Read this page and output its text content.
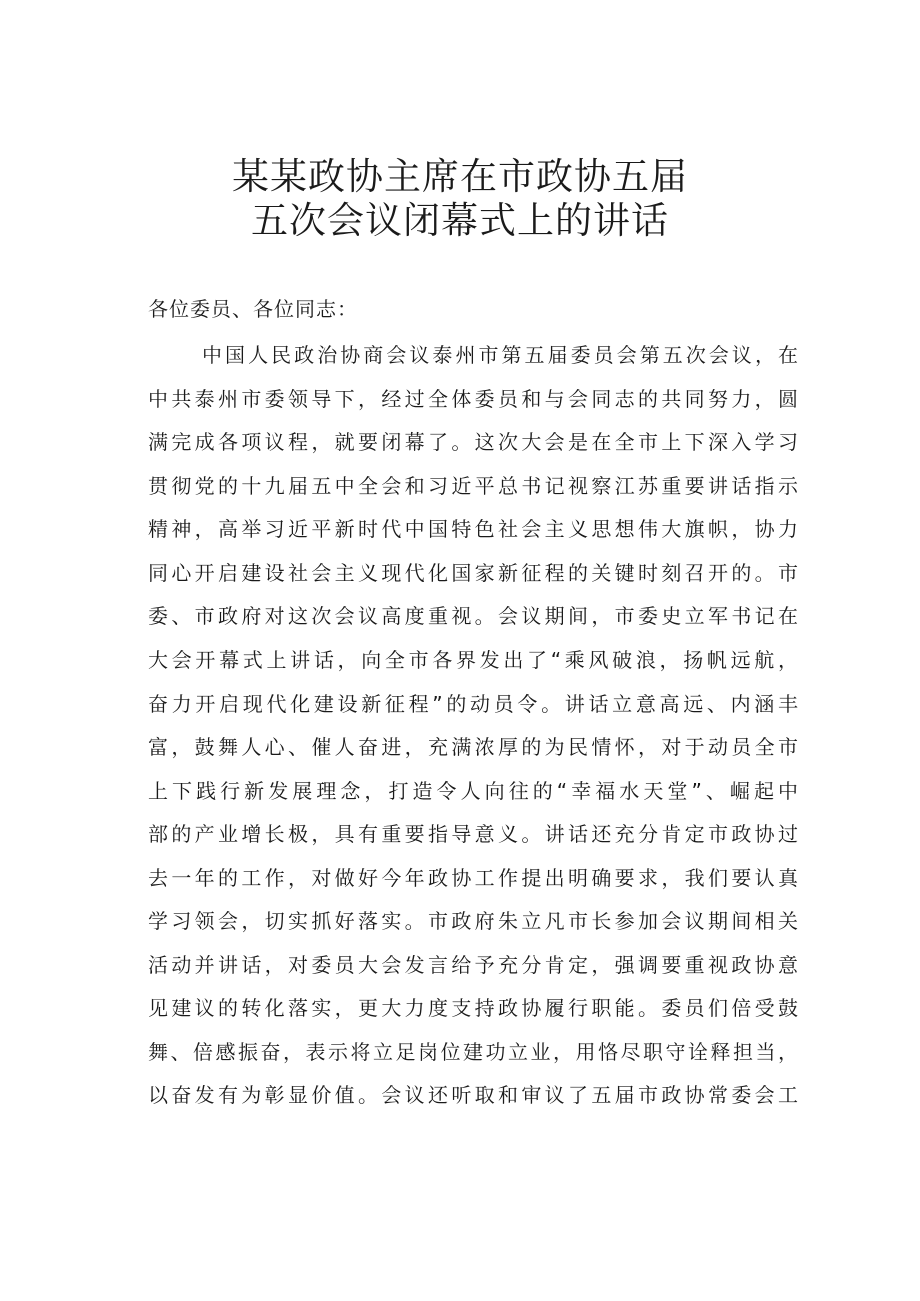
某某政协主席在市政协五届
五次会议闭幕式上的讲话
各位委员、各位同志：
中国人民政治协商会议泰州市第五届委员会第五次会议，在
中共泰州市委领导下，经过全体委员和与会同志的共同努力，圆
满完成各项议程，就要闭幕了。这次大会是在全市上下深入学习
贯彻党的十九届五中全会和习近平总书记视察江苏重要讲话指示
精神，高举习近平新时代中国特色社会主义思想伟大旗帜，协力
同心开启建设社会主义现代化国家新征程的关键时刻召开的。市
委、市政府对这次会议高度重视。会议期间，市委史立军书记在
大会开幕式上讲话，向全市各界发出了“乘风破浪，扬帆远航，
奋力开启现代化建设新征程”的动员令。讲话立意高远、内涵丰
富，鼓舞人心、催人奋进，充满浓厚的为民情怀，对于动员全市
上下践行新发展理念，打造令人向往的“幸福水天堂”、崛起中
部的产业增长极，具有重要指导意义。讲话还充分肯定市政协过
去一年的工作，对做好今年政协工作提出明确要求，我们要认真
学习领会，切实抓好落实。市政府朱立凡市长参加会议期间相关
活动并讲话，对委员大会发言给予充分肯定，强调要重视政协意
见建议的转化落实，更大力度支持政协履行职能。委员们倍受鼓
舞、倍感振奋，表示将立足岗位建功立业，用恪尽职守诠释担当，
以奋发有为彰显价值。会议还听取和审议了五届市政协常委会工
